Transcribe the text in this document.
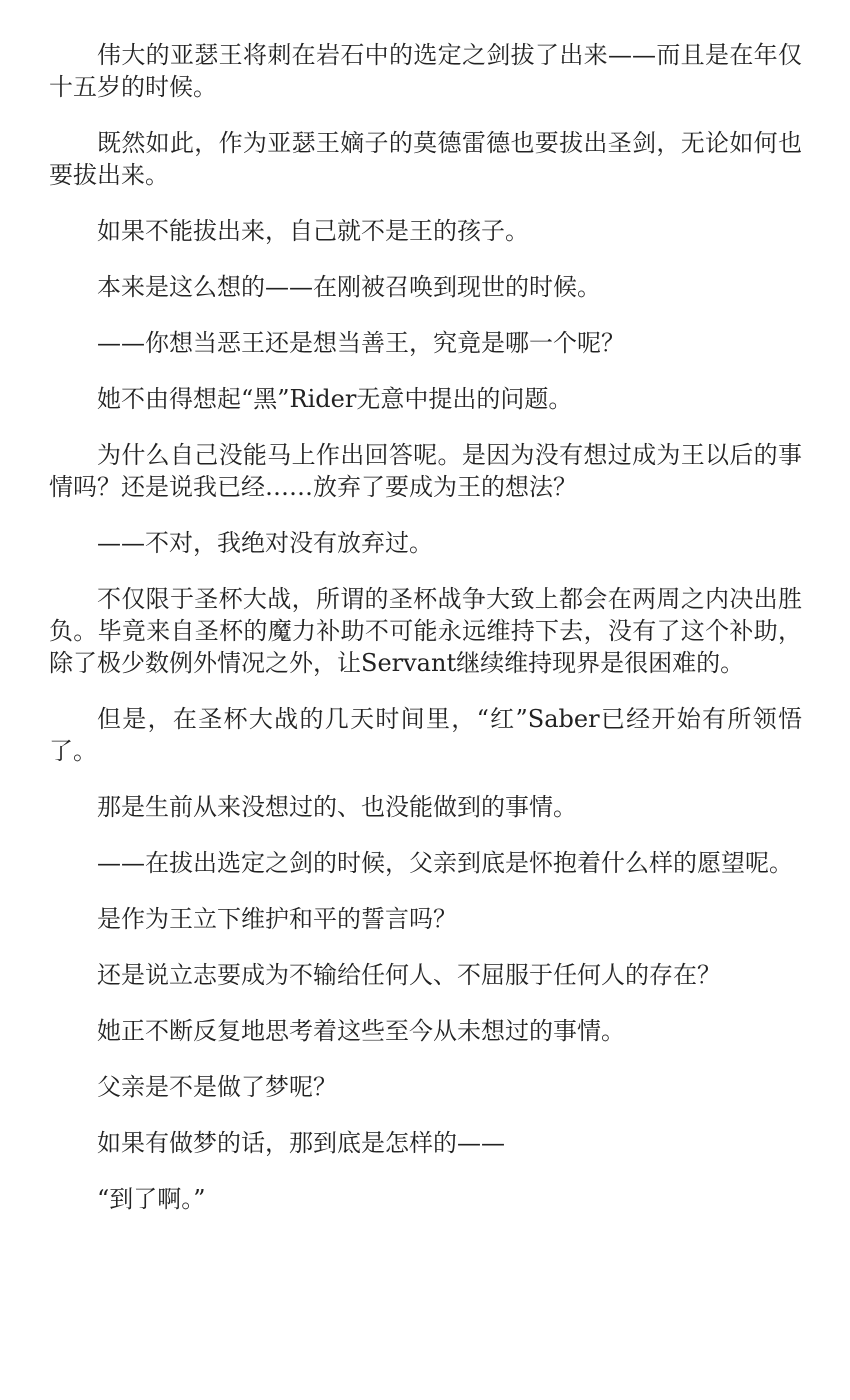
伟大的亚瑟王将刺在岩石中的选定之剑拔了出来——而且是在年仅十五岁的时候。

既然如此，作为亚瑟王嫡子的莫德雷德也要拔出圣剑，无论如何也要拔出来。

如果不能拔出来，自己就不是王的孩子。

本来是这么想的——在刚被召唤到现世的时候。

——你想当恶王还是想当善王，究竟是哪一个呢？

她不由得想起“黑”Rider无意中提出的问题。

为什么自己没能马上作出回答呢。是因为没有想过成为王以后的事情吗？还是说我已经……放弃了要成为王的想法？

——不对，我绝对没有放弃过。

不仅限于圣杯大战，所谓的圣杯战争大致上都会在两周之内决出胜负。毕竟来自圣杯的魔力补助不可能永远维持下去，没有了这个补助，除了极少数例外情况之外，让Servant继续维持现界是很困难的。

但是，在圣杯大战的几天时间里，“红”Saber已经开始有所领悟了。

那是生前从来没想过的、也没能做到的事情。

——在拔出选定之剑的时候，父亲到底是怀抱着什么样的愿望呢。

是作为王立下维护和平的誓言吗？

还是说立志要成为不输给任何人、不屈服于任何人的存在？

她正不断反复地思考着这些至今从未想过的事情。

父亲是不是做了梦呢？

如果有做梦的话，那到底是怎样的——

“到了啊。”
